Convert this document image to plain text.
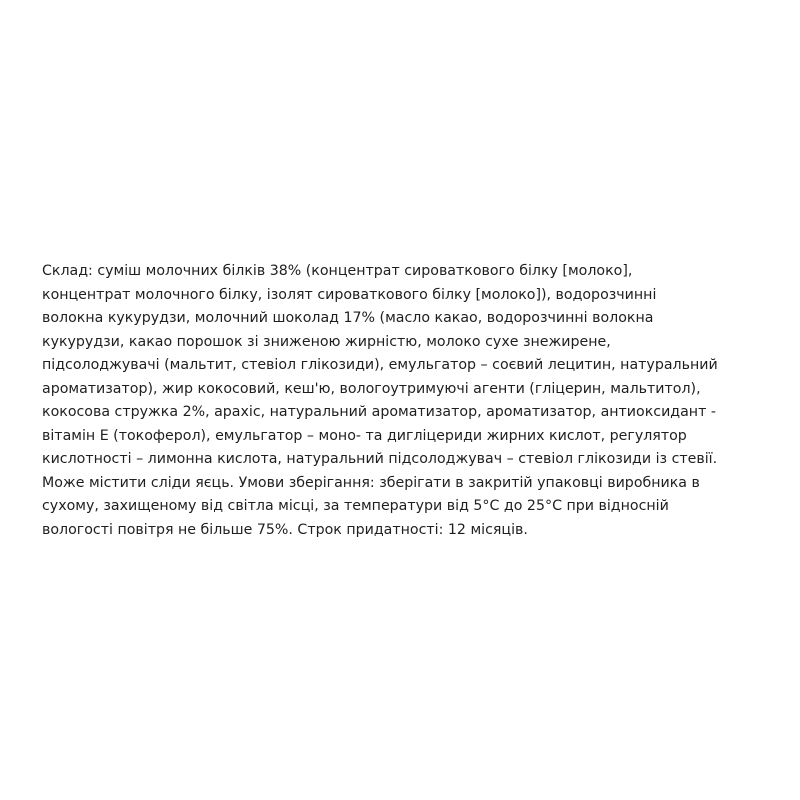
Склад: суміш молочних білків 38% (концентрат сироваткового білку [молоко],
концентрат молочного білку, ізолят сироваткового білку [молоко]), водорозчинні
волокна кукурудзи, молочний шоколад 17% (масло какао, водорозчинні волокна
кукурудзи, какао порошок зі зниженою жирністю, молоко сухе знежирене,
підсолоджувачі (мальтит, стевіол глікозиди), емульгатор – соєвий лецитин, натуральний
ароматизатор), жир кокосовий, кеш'ю, вологоутримуючі агенти (гліцерин, мальтитол),
кокосова стружка 2%, арахіс, натуральний ароматизатор, ароматизатор, антиоксидант -
вітамін Е (токоферол), емульгатор – моно- та дигліцериди жирних кислот, регулятор
кислотності – лимонна кислота, натуральний підсолоджувач – стевіол глікозиди із стевії.
Може містити сліди яєць. Умови зберігання: зберігати в закритій упаковці виробника в
сухому, захищеному від світла місці, за температури від 5°С до 25°С при відносній
вологості повітря не більше 75%. Строк придатності: 12 місяців.
